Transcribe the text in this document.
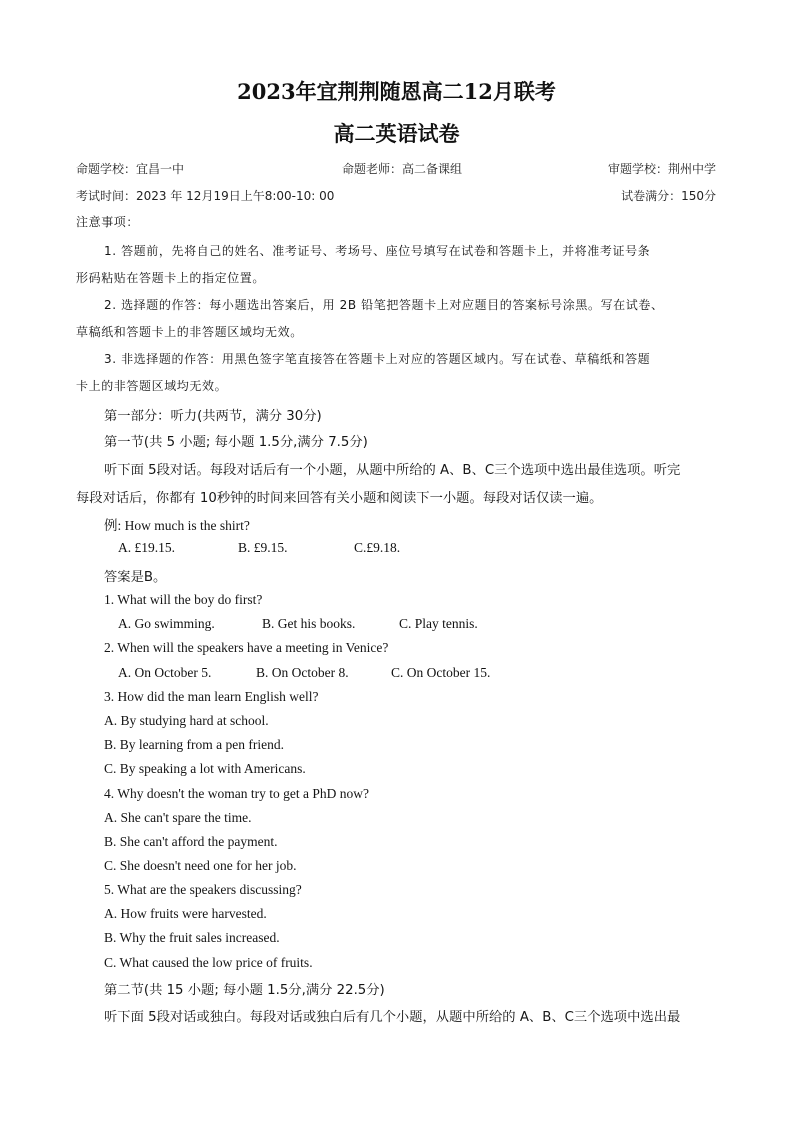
2023年宜荆荆随恩高二12月联考
高二英语试卷
命题学校：宜昌一中	命题老师：高二备课组	审题学校：荆州中学
考试时间：2023 年 12月19日上午8:00-10: 00	试卷满分：150分
注意事项：
1. 答题前，先将自己的姓名、准考证号、考场号、座位号填写在试卷和答题卡上，并将准考证号条
形码粘贴在答题卡上的指定位置。
2. 选择题的作答：每小题选出答案后，用 2B 铅笔把答题卡上对应题目的答案标号涂黑。写在试卷、
草稿纸和答题卡上的非答题区域均无效。
3. 非选择题的作答：用黑色签字笔直接答在答题卡上对应的答题区域内。写在试卷、草稿纸和答题
卡上的非答题区域均无效。
第一部分：听力(共两节，满分 30分)
第一节(共 5 小题; 每小题 1.5分,满分 7.5分)
听下面 5段对话。每段对话后有一个小题，从题中所给的 A、B、C三个选项中选出最佳选项。听完
每段对话后，你都有 10秒钟的时间来回答有关小题和阅读下一小题。每段对话仅读一遍。
例: How much is the shirt?
A. £19.15.	B. £9.15.	C.£9.18.
答案是B。
1. What will the boy do first?
A. Go swimming.	B. Get his books.	C. Play tennis.
2. When will the speakers have a meeting in Venice?
A. On October 5.	B. On October 8.	C. On October 15.
3. How did the man learn English well?
A. By studying hard at school.
B. By learning from a pen friend.
C. By speaking a lot with Americans.
4. Why doesn't the woman try to get a PhD now?
A. She can't spare the time.
B. She can't afford the payment.
C. She doesn't need one for her job.
5. What are the speakers discussing?
A. How fruits were harvested.
B. Why the fruit sales increased.
C. What caused the low price of fruits.
第二节(共 15 小题; 每小题 1.5分,满分 22.5分)
听下面 5段对话或独白。每段对话或独白后有几个小题，从题中所给的 A、B、C三个选项中选出最
